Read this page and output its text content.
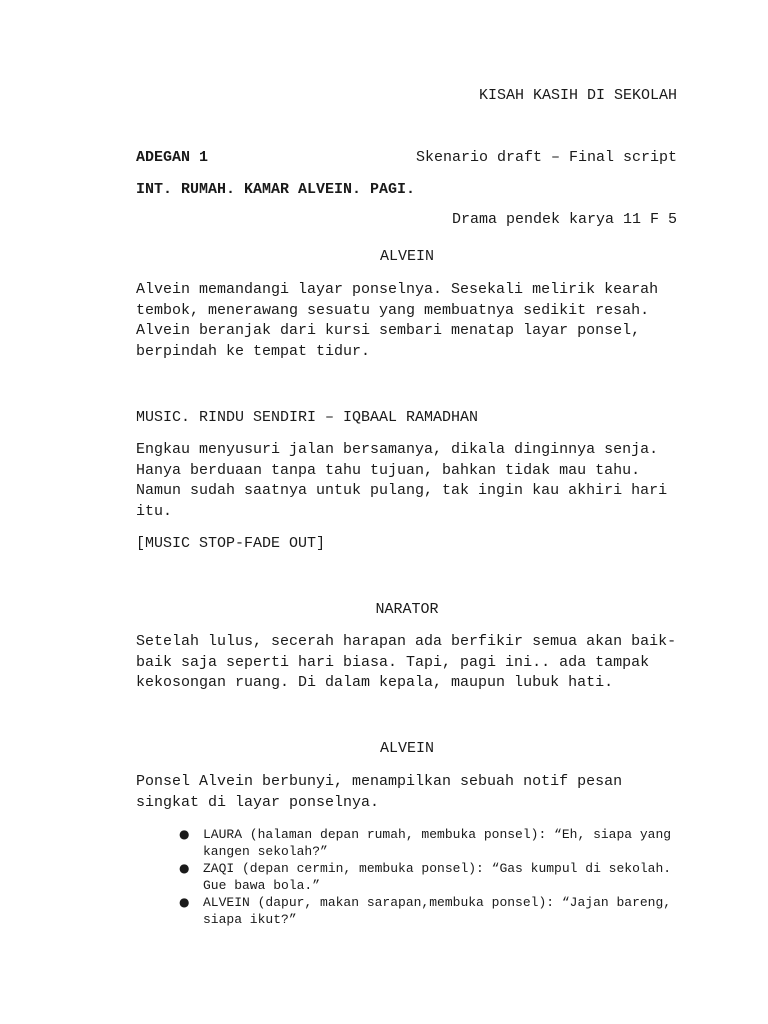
KISAH KASIH DI SEKOLAH

Skenario draft – Final script

Drama pendek karya 11 F 5

ADEGAN 1
INT. RUMAH. KAMAR ALVEIN. PAGI.
ALVEIN
Alvein memandangi layar ponselnya. Sesekali melirik kearah tembok, menerawang sesuatu yang membuatnya sedikit resah. Alvein beranjak dari kursi sembari menatap layar ponsel, berpindah ke tempat tidur.
MUSIC. RINDU SENDIRI – IQBAAL RAMADHAN
Engkau menyusuri jalan bersamanya, dikala dinginnya senja. Hanya berduaan tanpa tahu tujuan, bahkan tidak mau tahu. Namun sudah saatnya untuk pulang, tak ingin kau akhiri hari itu.
[MUSIC STOP-FADE OUT]
NARATOR
Setelah lulus, secerah harapan ada berfikir semua akan baik-baik saja seperti hari biasa. Tapi, pagi ini.. ada tampak kekosongan ruang. Di dalam kepala, maupun lubuk hati.
ALVEIN
Ponsel Alvein berbunyi, menampilkan sebuah notif pesan singkat di layar ponselnya.
● LAURA (halaman depan rumah, membuka ponsel): “Eh, siapa yang kangen sekolah?”
● ZAQI (depan cermin, membuka ponsel): “Gas kumpul di sekolah. Gue bawa bola.”
● ALVEIN (dapur, makan sarapan,membuka ponsel): “Jajan bareng, siapa ikut?”
